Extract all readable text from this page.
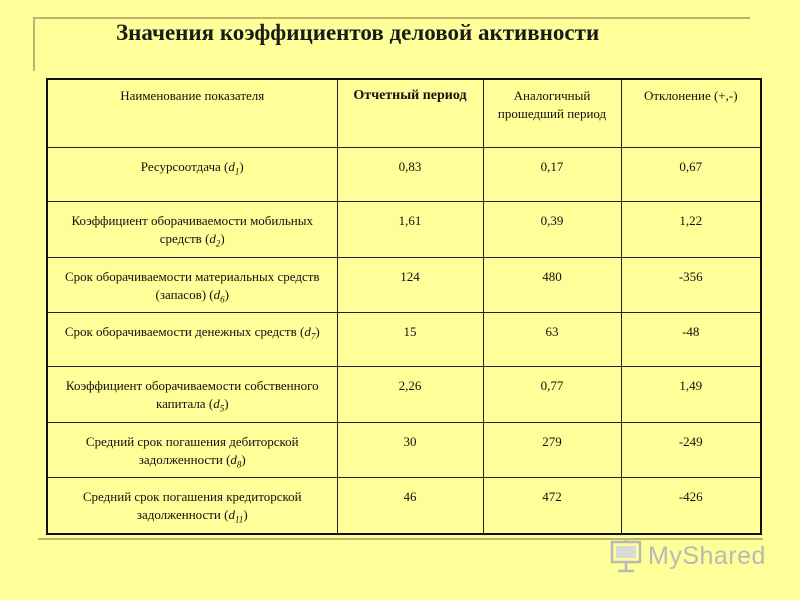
Значения коэффициентов деловой активности
Наименование показателя	Отчетный период	Аналогичный прошедший период	Отклонение (+,-)
Ресурсоотдача $(d_1)$	0,83	0,17	0,67
Коэффициент оборачиваемости мобильных средств $(d_2)$	1,61	0,39	1,22
Срок оборачиваемости материальных средств (запасов) $(d_6)$	124	480	-356
Срок оборачиваемости денежных средств $(d_7)$	15	63	-48
Коэффициент оборачиваемости собственного капитала $(d_5)$	2,26	0,77	1,49
Средний срок погашения дебиторской задолженности $(d_8)$	30	279	-249
Средний срок погашения кредиторской задолженности $(d_{11})$	46	472	-426
MyShared
